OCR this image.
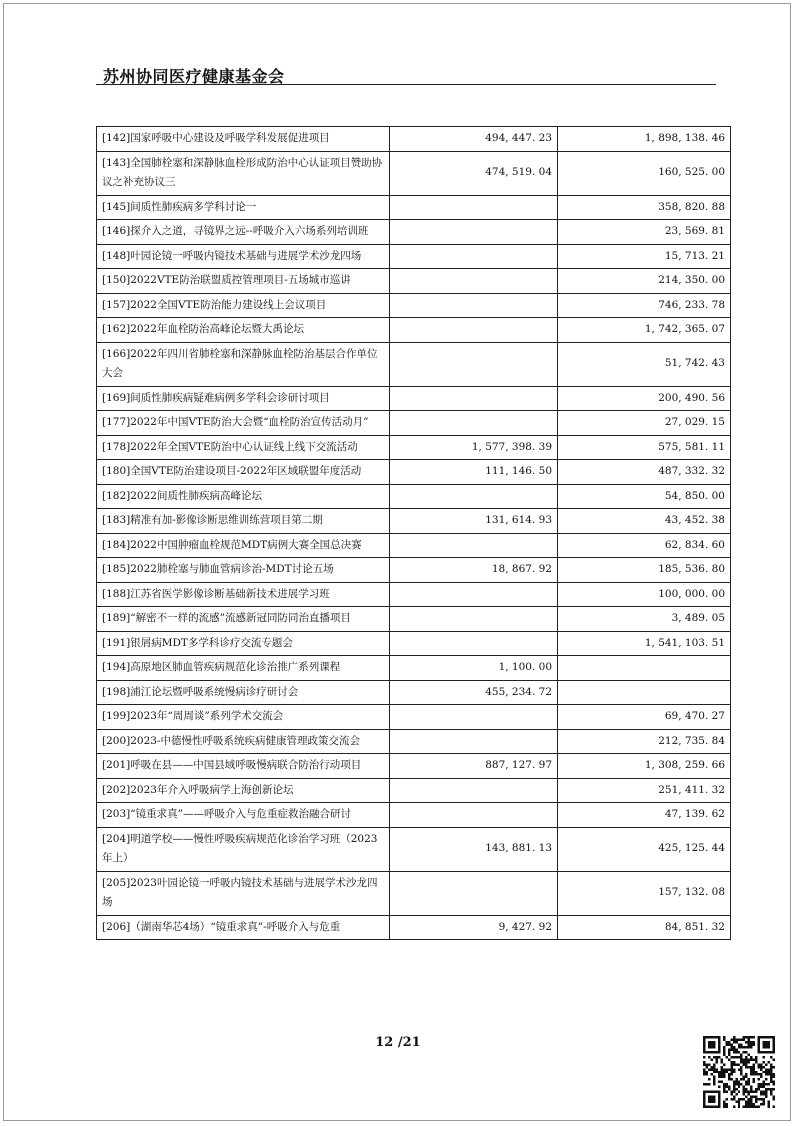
苏州协同医疗健康基金会
[142]国家呼吸中心建设及呼吸学科发展促进项目	494, 447. 23	1, 898, 138. 46
[143]全国肺栓塞和深静脉血栓形成防治中心认证项目赞助协议之补充协议三	474, 519. 04	160, 525. 00
[145]间质性肺疾病多学科讨论一		358, 820. 88
[146]探介入之道，寻镜界之远--呼吸介入六场系列培训班		23, 569. 81
[148]叶园论镜一呼吸内镜技术基础与进展学术沙龙四场		15, 713. 21
[150]2022VTE防治联盟质控管理项目-五场城市巡讲		214, 350. 00
[157]2022全国VTE防治能力建设线上会议项目		746, 233. 78
[162]2022年血栓防治高峰论坛暨大禹论坛		1, 742, 365. 07
[166]2022年四川省肺栓塞和深静脉血栓防治基层合作单位大会		51, 742. 43
[169]间质性肺疾病疑难病例多学科会诊研讨项目		200, 490. 56
[177]2022年中国VTE防治大会暨“血栓防治宣传活动月”		27, 029. 15
[178]2022年全国VTE防治中心认证线上线下交流活动	1, 577, 398. 39	575, 581. 11
[180]全国VTE防治建设项目-2022年区域联盟年度活动	111, 146. 50	487, 332. 32
[182]2022间质性肺疾病高峰论坛		54, 850. 00
[183]精准有加-影像诊断思维训练营项目第二期	131, 614. 93	43, 452. 38
[184]2022中国肿瘤血栓规范MDT病例大赛全国总决赛		62, 834. 60
[185]2022肺栓塞与肺血管病诊治-MDT讨论五场	18, 867. 92	185, 536. 80
[188]江苏省医学影像诊断基础新技术进展学习班		100, 000. 00
[189]“解密不一样的流感”流感新冠同防同治直播项目		3, 489. 05
[191]银屑病MDT多学科诊疗交流专题会		1, 541, 103. 51
[194]高原地区肺血管疾病规范化诊治推广系列课程	1, 100. 00	
[198]浦江论坛暨呼吸系统慢病诊疗研讨会	455, 234. 72	
[199]2023年“周周谈”系列学术交流会		69, 470. 27
[200]2023-中德慢性呼吸系统疾病健康管理政策交流会		212, 735. 84
[201]呼吸在县——中国县域呼吸慢病联合防治行动项目	887, 127. 97	1, 308, 259. 66
[202]2023年介入呼吸病学上海创新论坛		251, 411. 32
[203]“镜重求真”——呼吸介入与危重症救治融合研讨		47, 139. 62
[204]明道学校——慢性呼吸疾病规范化诊治学习班（2023年上）	143, 881. 13	425, 125. 44
[205]2023叶园论镜一呼吸内镜技术基础与进展学术沙龙四场		157, 132. 08
[206]（湖南华芯4场）“镜重求真”-呼吸介入与危重	9, 427. 92	84, 851. 32
12 /21
